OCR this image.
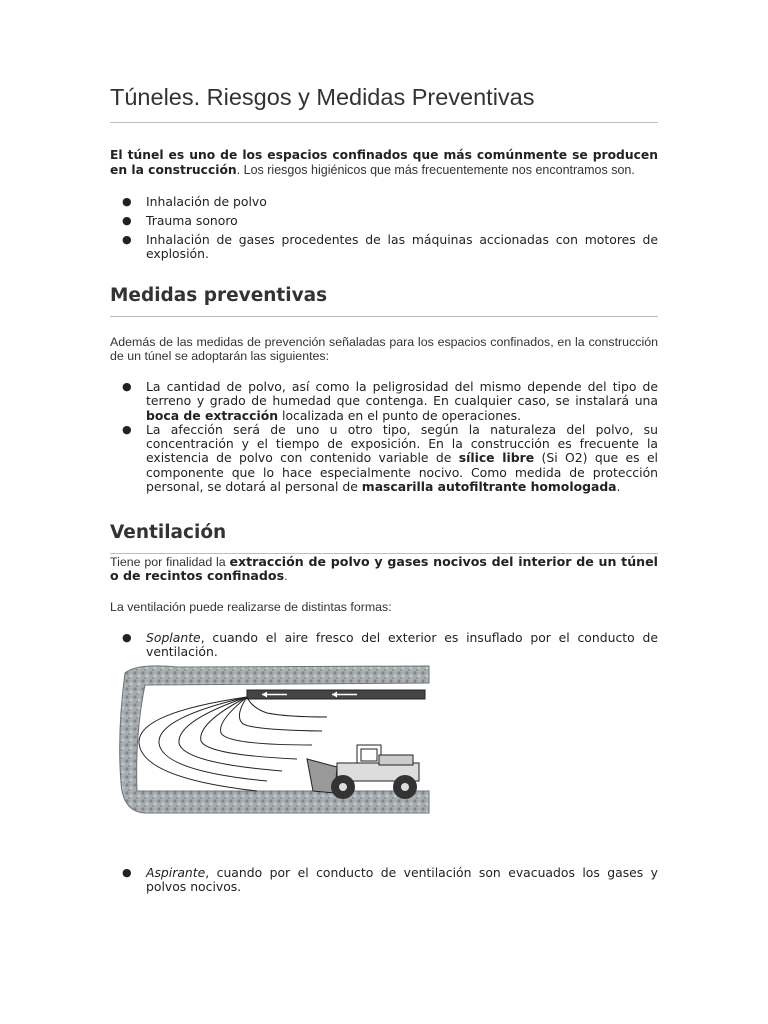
Túneles. Riesgos y Medidas Preventivas

El túnel es uno de los espacios confinados que más comúnmente se producen en la construcción. Los riesgos higiénicos que más frecuentemente nos encontramos son.

● Inhalación de polvo
● Trauma sonoro
● Inhalación de gases procedentes de las máquinas accionadas con motores de explosión.
Medidas preventivas

Además de las medidas de prevención señaladas para los espacios confinados, en la construcción de un túnel se adoptarán las siguientes:

● La cantidad de polvo, así como la peligrosidad del mismo depende del tipo de terreno y grado de humedad que contenga. En cualquier caso, se instalará una boca de extracción localizada en el punto de operaciones.
● La afección será de uno u otro tipo, según la naturaleza del polvo, su concentración y el tiempo de exposición. En la construcción es frecuente la existencia de polvo con contenido variable de sílice libre (Si O2) que es el componente que lo hace especialmente nocivo. Como medida de protección personal, se dotará al personal de mascarilla autofiltrante homologada.
Ventilación

Tiene por finalidad la extracción de polvo y gases nocivos del interior de un túnel o de recintos confinados.

La ventilación puede realizarse de distintas formas:

● Soplante, cuando el aire fresco del exterior es insuflado por el conducto de ventilación.
● Aspirante, cuando por el conducto de ventilación son evacuados los gases y polvos nocivos.
